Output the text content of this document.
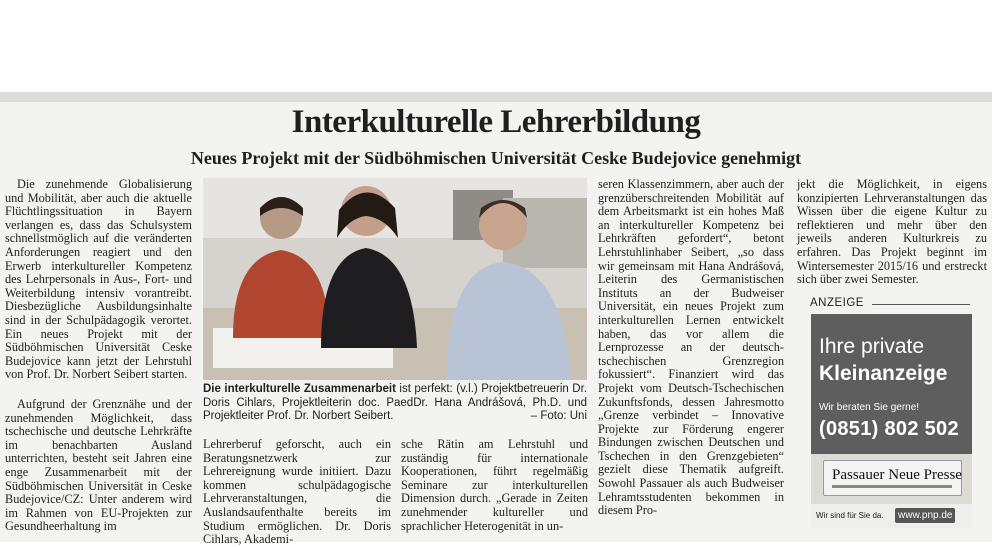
Interkulturelle Lehrerbildung
Neues Projekt mit der Südböhmischen Universität Ceske Budejovice genehmigt

Die zunehmende Globalisierung und Mobilität, aber auch die aktuelle Flüchtlingssituation in Bayern verlangen es, dass das Schulsystem schnellstmöglich auf die veränderten Anforderungen reagiert und den Erwerb interkultureller Kompetenz des Lehrpersonals in Aus-, Fort- und Weiterbildung intensiv vorantreibt. Diesbezügliche Ausbildungsinhalte sind in der Schulpädagogik verortet. Ein neues Projekt mit der Südböhmischen Universität Ceske Budejovice kann jetzt der Lehrstuhl von Prof. Dr. Norbert Seibert starten.

Aufgrund der Grenznähe und der zunehmenden Möglichkeit, dass tschechische und deutsche Lehrkräfte im benachbarten Ausland unterrichten, besteht seit Jahren eine enge Zusammenarbeit mit der Südböhmischen Universität in Ceske Budejovice/CZ: Unter anderem wird im Rahmen von EU-Projekten zur Gesundheerhaltung im

Die interkulturelle Zusammenarbeit ist perfekt: (v.l.) Projektbetreuerin Dr. Doris Cihlars, Projektleiterin doc. PaedDr. Hana Andrášová, Ph.D. und Projektleiter Prof. Dr. Norbert Seibert.	– Foto: Uni

Lehrerberuf geforscht, auch ein Beratungsnetzwerk zur Lehrereignung wurde initiiert. Dazu kommen schulpädagogische Lehrveranstaltungen, die Auslandsaufenthalte bereits im Studium ermöglichen. Dr. Doris Cihlars, Akademi-

sche Rätin am Lehrstuhl und zuständig für internationale Kooperationen, führt regelmäßig Seminare zur interkulturellen Dimension durch. „Gerade in Zeiten zunehmender kultureller und sprachlicher Heterogenität in un-

seren Klassenzimmern, aber auch der grenzüberschreitenden Mobilität auf dem Arbeitsmarkt ist ein hohes Maß an interkultureller Kompetenz bei Lehrkräften gefordert“, betont Lehrstuhlinhaber Seibert, „so dass wir gemeinsam mit Hana Andrášová, Leiterin des Germanistischen Instituts an der Budweiser Universität, ein neues Projekt zum interkulturellen Lernen entwickelt haben, das vor allem die Lernprozesse an der deutsch-tschechischen Grenzregion fokussiert“. Finanziert wird das Projekt vom Deutsch-Tschechischen Zukunftsfonds, dessen Jahresmotto „Grenze verbindet – Innovative Projekte zur Förderung engerer Bindungen zwischen Deutschen und Tschechen in den Grenzgebieten“ gezielt diese Thematik aufgreift. Sowohl Passauer als auch Budweiser Lehramtsstudenten bekommen in diesem Pro-

jekt die Möglichkeit, in eigens konzipierten Lehrveranstaltungen das Wissen über die eigene Kultur zu reflektieren und mehr über den jeweils anderen Kulturkreis zu erfahren. Das Projekt beginnt im Wintersemester 2015/16 und erstreckt sich über zwei Semester.

ANZEIGE
Ihre private
Kleinanzeige
Wir beraten Sie gerne!
(0851) 802 502
Passauer Neue Presse
Wir sind für Sie da.	www.pnp.de
